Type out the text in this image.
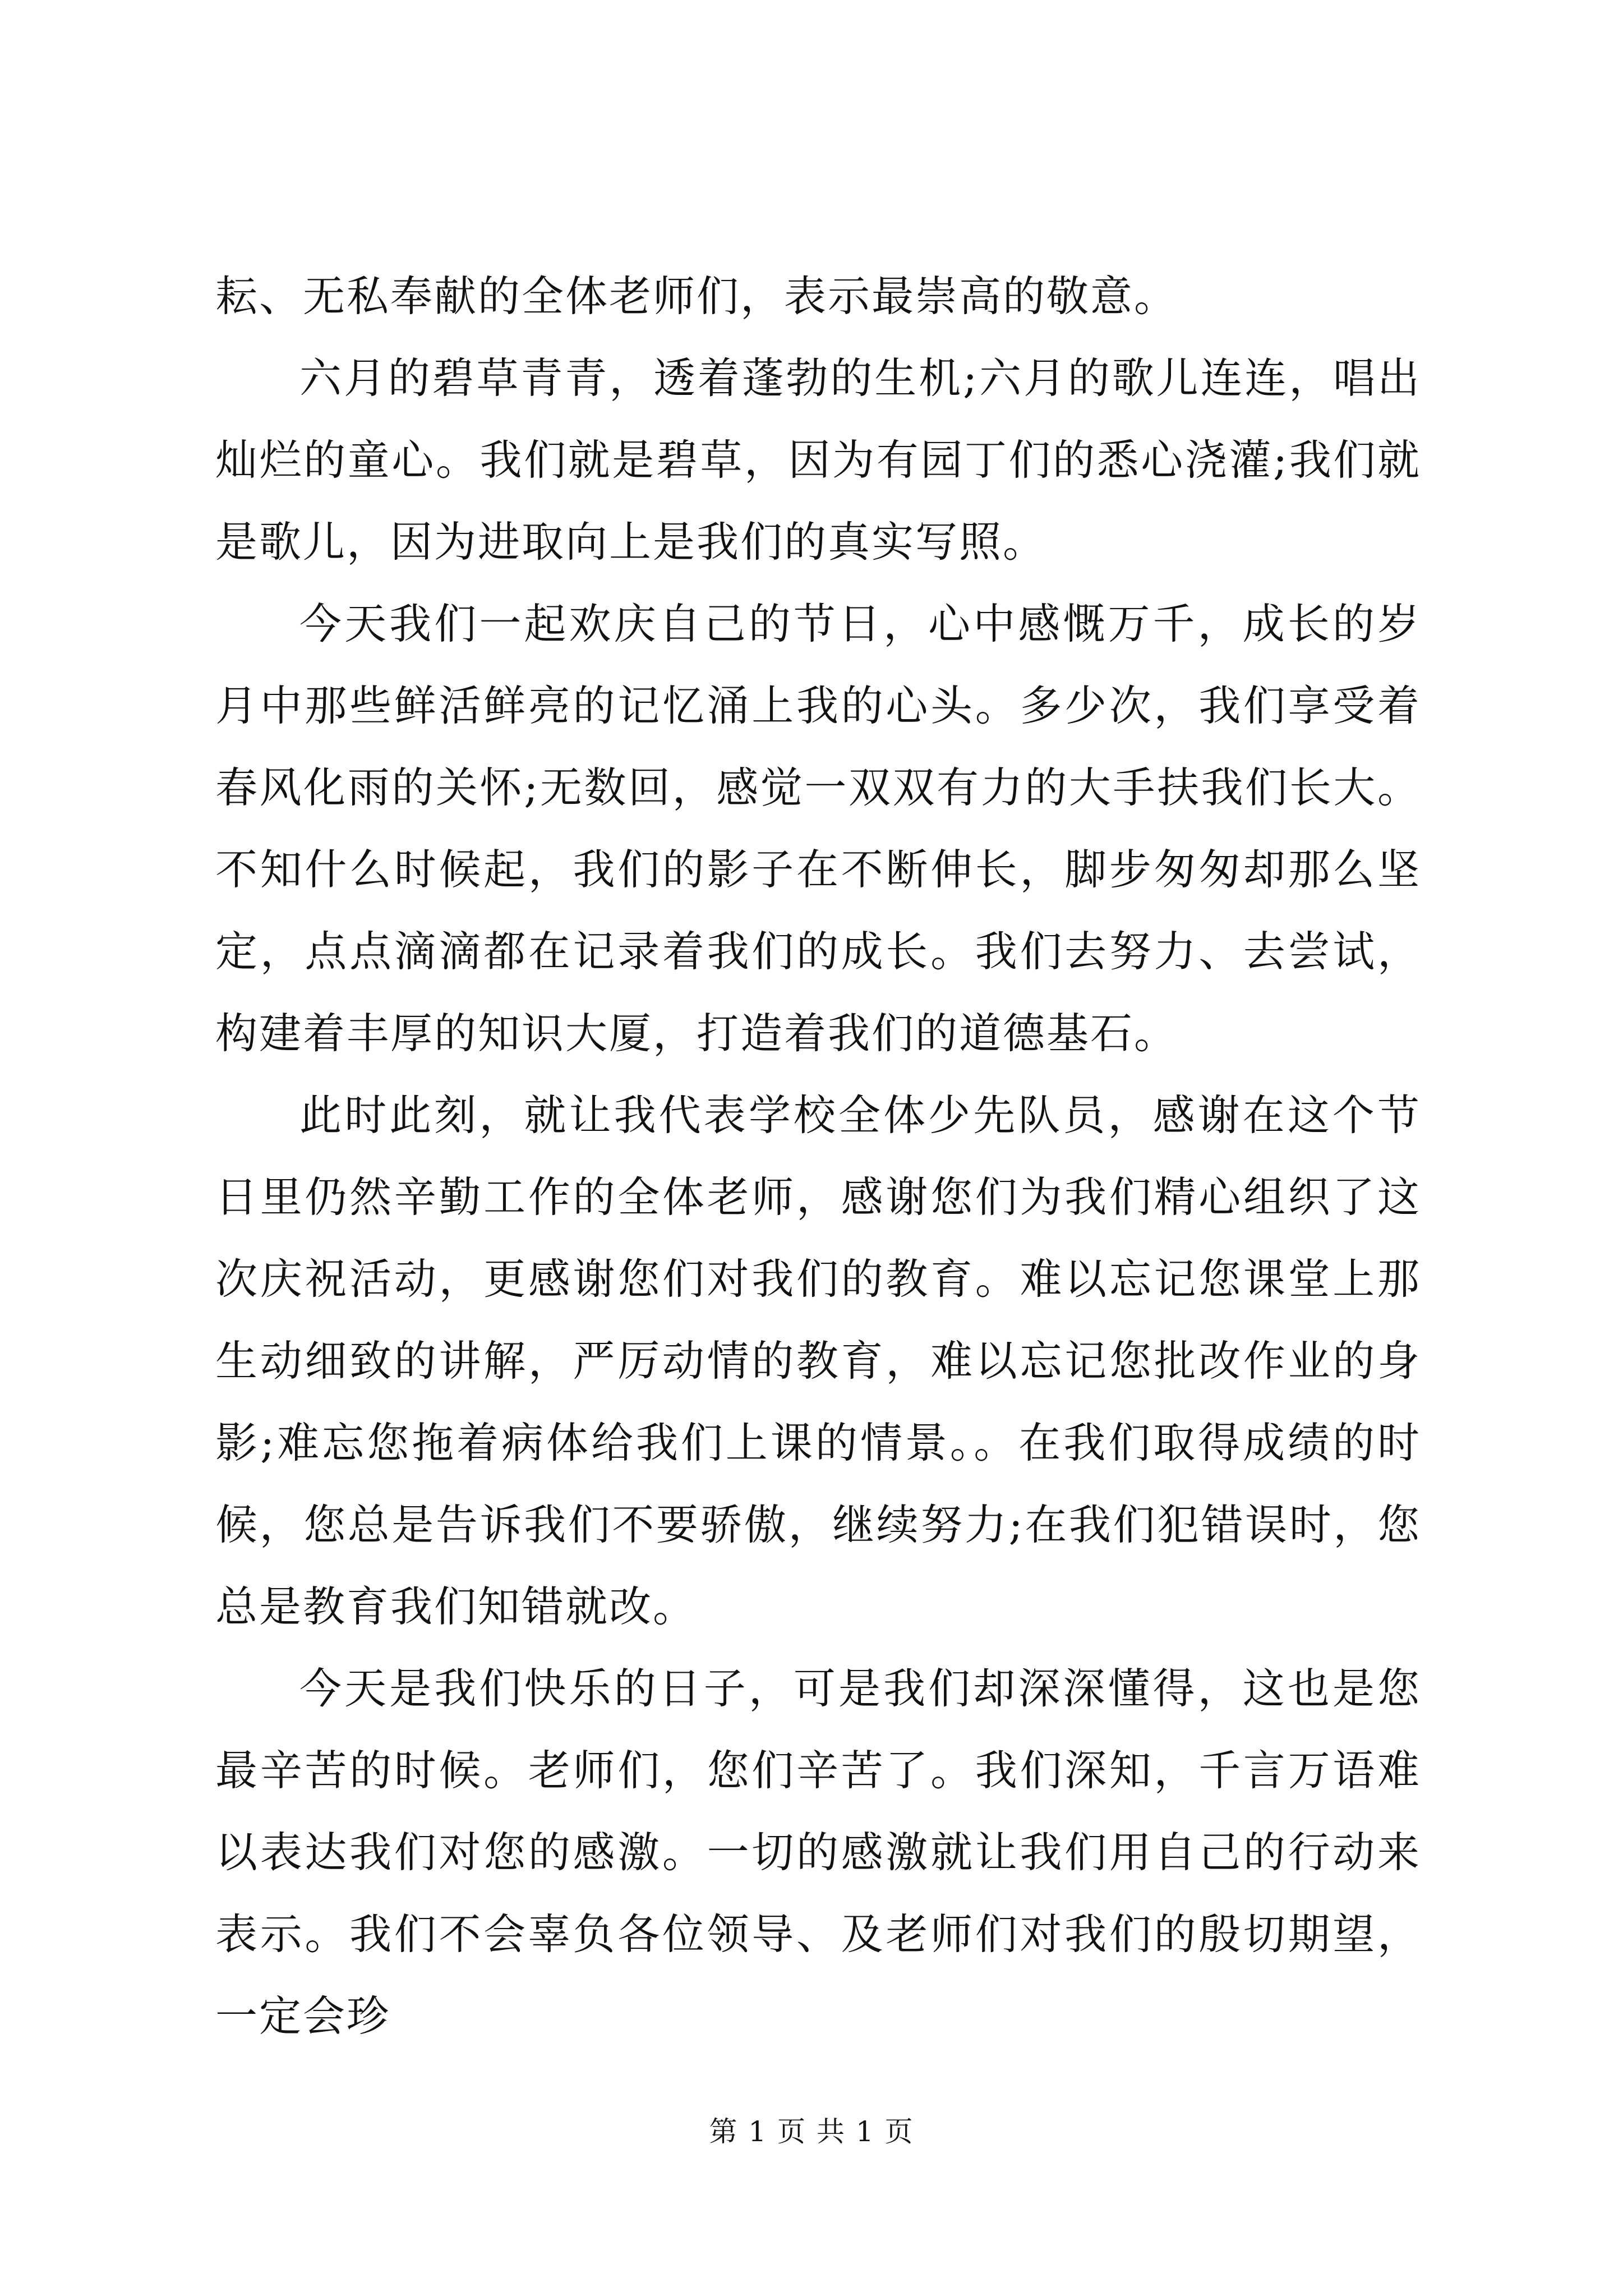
耘、无私奉献的全体老师们，表示最崇高的敬意。

六月的碧草青青，透着蓬勃的生机;六月的歌儿连连，唱出灿烂的童心。我们就是碧草，因为有园丁们的悉心浇灌;我们就是歌儿，因为进取向上是我们的真实写照。

今天我们一起欢庆自己的节日，心中感慨万千，成长的岁月中那些鲜活鲜亮的记忆涌上我的心头。多少次，我们享受着春风化雨的关怀;无数回，感觉一双双有力的大手扶我们长大。不知什么时候起，我们的影子在不断伸长，脚步匆匆却那么坚定，点点滴滴都在记录着我们的成长。我们去努力、去尝试，构建着丰厚的知识大厦，打造着我们的道德基石。

此时此刻，就让我代表学校全体少先队员，感谢在这个节日里仍然辛勤工作的全体老师，感谢您们为我们精心组织了这次庆祝活动，更感谢您们对我们的教育。难以忘记您课堂上那生动细致的讲解，严厉动情的教育，难以忘记您批改作业的身影;难忘您拖着病体给我们上课的情景。。在我们取得成绩的时候，您总是告诉我们不要骄傲，继续努力;在我们犯错误时，您总是教育我们知错就改。

今天是我们快乐的日子，可是我们却深深懂得，这也是您最辛苦的时候。老师们，您们辛苦了。我们深知，千言万语难以表达我们对您的感激。一切的感激就让我们用自己的行动来表示。我们不会辜负各位领导、及老师们对我们的殷切期望，一定会珍

第 1 页 共 1 页
